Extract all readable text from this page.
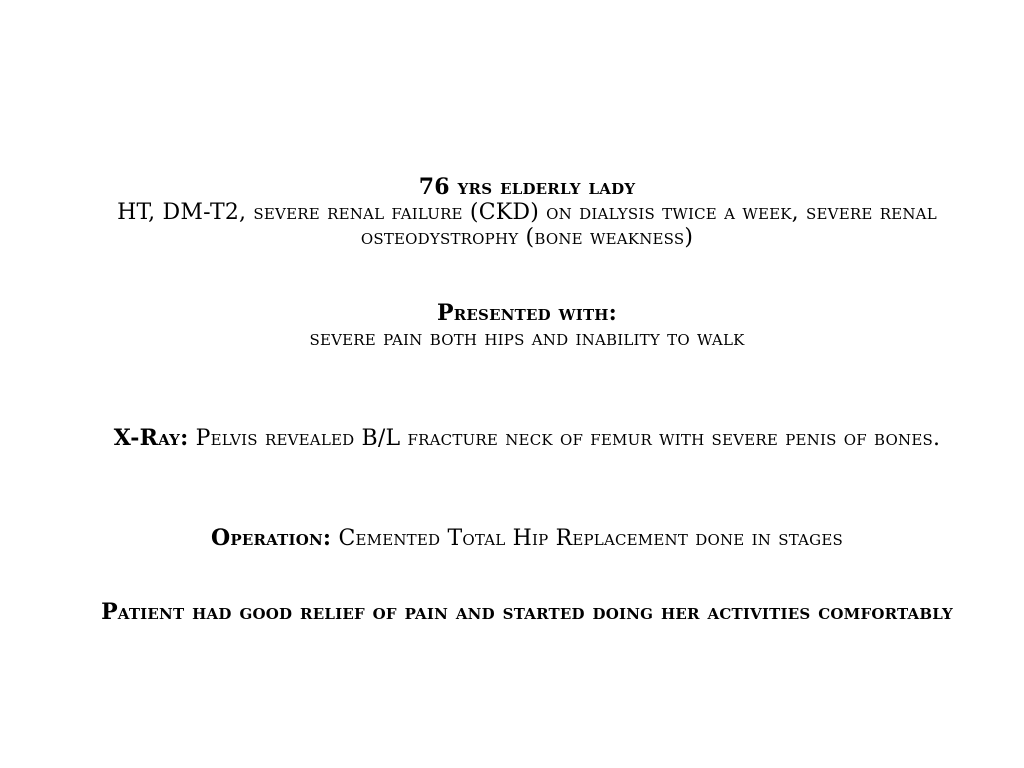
76 yrs elderly lady

HT, DM-T2, severe renal failure (CKD) on dialysis twice a week, severe renal osteodystrophy (bone weakness)

Presented with:

severe pain both hips and inability to walk

X-Ray: Pelvis revealed B/L fracture neck of femur with severe penis of bones.

Operation: Cemented Total Hip Replacement done in stages

Patient had good relief of pain and started doing her activities comfortably
